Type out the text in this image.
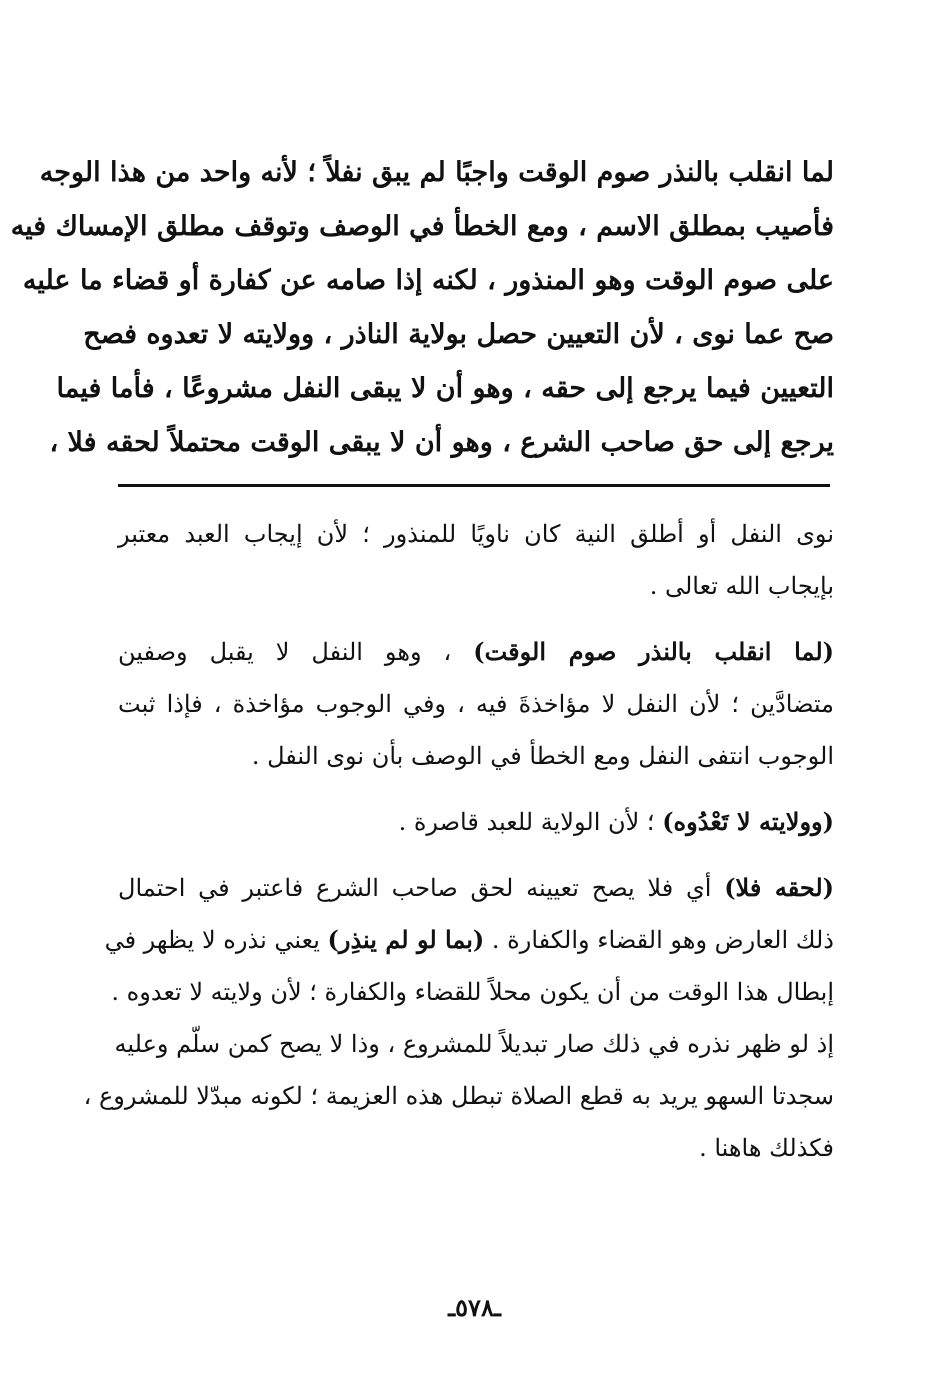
لما انقلب بالنذر صوم الوقت واجبًا لم يبق نفلاً ؛ لأنه واحد من هذا الوجه
فأصيب بمطلق الاسم ، ومع الخطأ في الوصف وتوقف مطلق الإمساك فيه
على صوم الوقت وهو المنذور ، لكنه إذا صامه عن كفارة أو قضاء ما عليه
صح عما نوى ، لأن التعيين حصل بولاية الناذر ، وولايته لا تعدوه فصح
التعيين فيما يرجع إلى حقه ، وهو أن لا يبقى النفل مشروعًا ، فأما فيما
يرجع إلى حق صاحب الشرع ، وهو أن لا يبقى الوقت محتملاً لحقه فلا ،
نوى النفل أو أطلق النية كان ناويًا للمنذور ؛ لأن إيجاب العبد معتبر
بإيجاب الله تعالى .
(لما انقلب بالنذر صوم الوقت) ، وهو النفل لا يقبل وصفين
متضادَّين ؛ لأن النفل لا مؤاخذةَ فيه ، وفي الوجوب مؤاخذة ، فإذا ثبت
الوجوب انتفى النفل ومع الخطأ في الوصف بأن نوى النفل .
(وولايته لا تَعْدُوه) ؛ لأن الولاية للعبد قاصرة .
(لحقه فلا) أي فلا يصح تعيينه لحق صاحب الشرع فاعتبر في احتمال
ذلك العارض وهو القضاء والكفارة . (بما لو لم ينذِر) يعني نذره لا يظهر في
إبطال هذا الوقت من أن يكون محلاً للقضاء والكفارة ؛ لأن ولايته لا تعدوه .
إذ لو ظهر نذره في ذلك صار تبديلاً للمشروع ، وذا لا يصح كمن سلّم وعليه
سجدتا السهو يريد به قطع الصلاة تبطل هذه العزيمة ؛ لكونه مبدّلا للمشروع ،
فكذلك هاهنا .
ـ٥٧٨ـ
